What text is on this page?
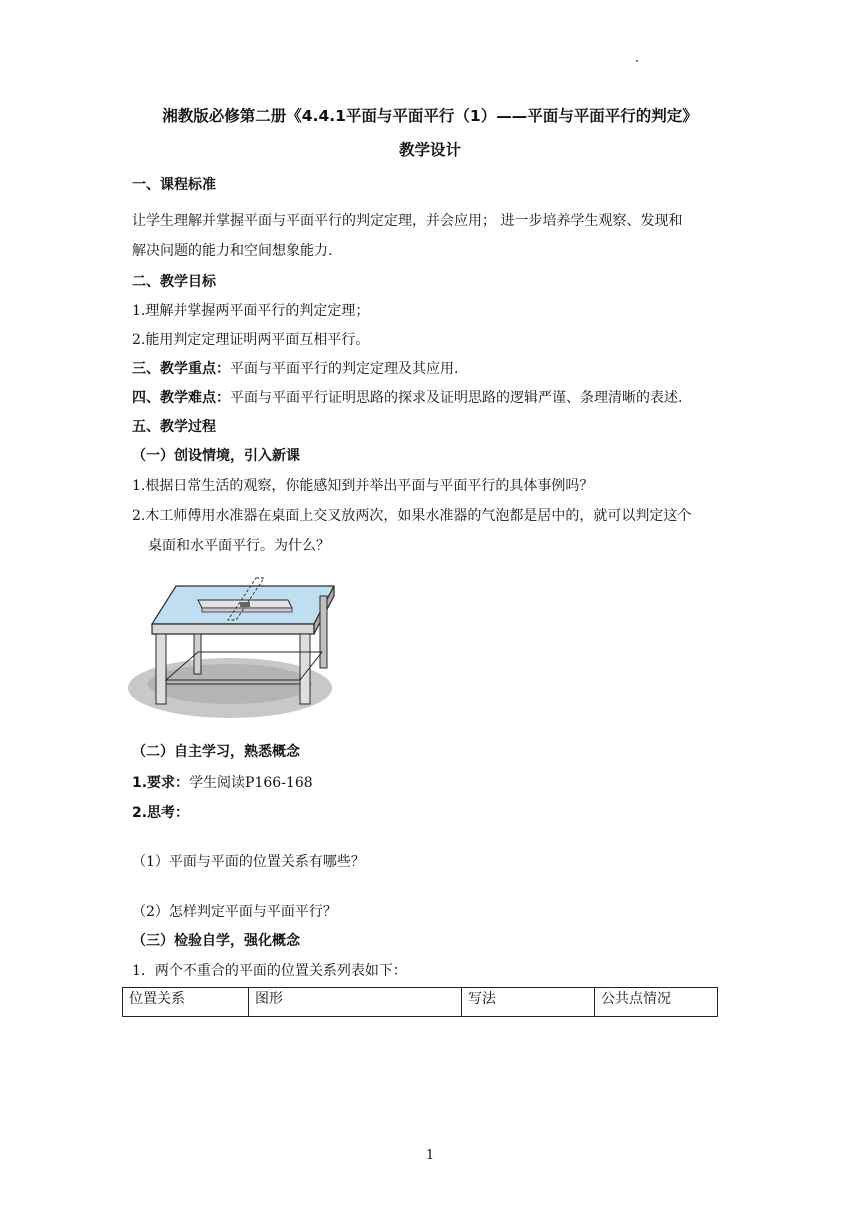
湘教版必修第二册《4.4.1平面与平面平行（1）——平面与平面平行的判定》
教学设计
一、课程标准
让学生理解并掌握平面与平面平行的判定定理，并会应用； 进一步培养学生观察、发现和
解决问题的能力和空间想象能力.
二、教学目标
1.理解并掌握两平面平行的判定定理；
2.能用判定定理证明两平面互相平行。
三、教学重点：平面与平面平行的判定定理及其应用.
四、教学难点：平面与平面平行证明思路的探求及证明思路的逻辑严谨、条理清晰的表述.
五、教学过程
（一）创设情境，引入新课
1.根据日常生活的观察，你能感知到并举出平面与平面平行的具体事例吗？
2.木工师傅用水准器在桌面上交叉放两次，如果水准器的气泡都是居中的，就可以判定这个
桌面和水平面平行。为什么？
（二）自主学习，熟悉概念
1.要求：学生阅读P166-168
2.思考：
（1）平面与平面的位置关系有哪些？
（2）怎样判定平面与平面平行？
（三）检验自学，强化概念
1．两个不重合的平面的位置关系列表如下：
位置关系	图形	写法	公共点情况
1
